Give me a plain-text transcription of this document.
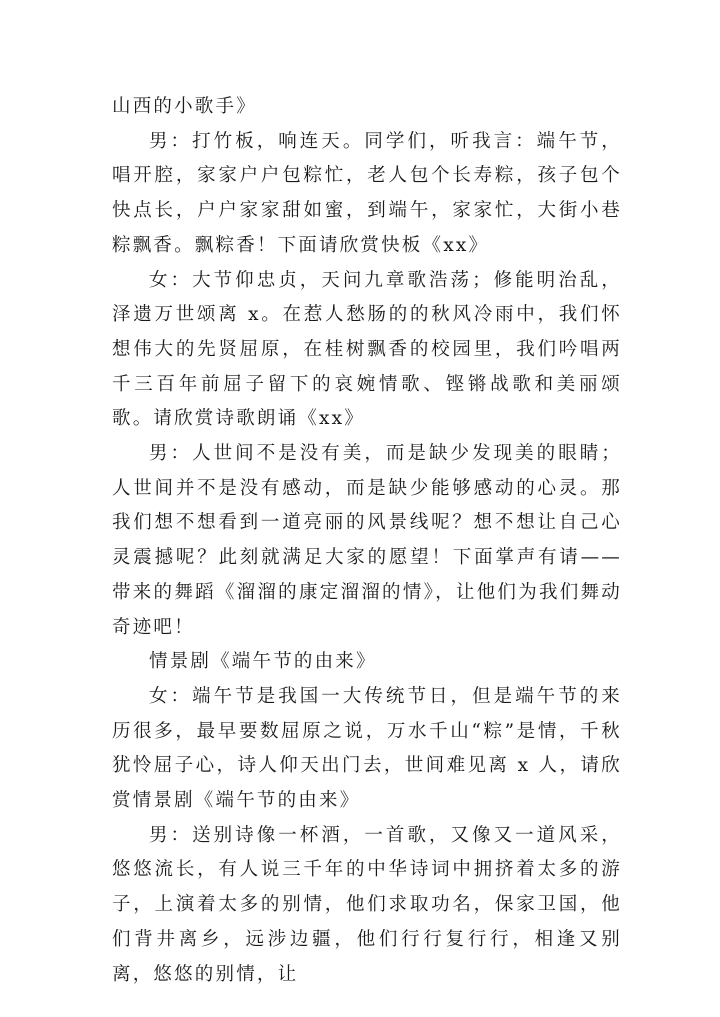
山西的小歌手》

男：打竹板，响连天。同学们，听我言：端午节，唱开腔，家家户户包粽忙，老人包个长寿粽，孩子包个快点长，户户家家甜如蜜，到端午，家家忙，大街小巷粽飘香。飘粽香！下面请欣赏快板《xx》

女：大节仰忠贞，天问九章歌浩荡；修能明治乱，泽遗万世颂离 x。在惹人愁肠的的秋风冷雨中，我们怀想伟大的先贤屈原，在桂树飘香的校园里，我们吟唱两千三百年前屈子留下的哀婉情歌、铿锵战歌和美丽颂歌。请欣赏诗歌朗诵《xx》

男：人世间不是没有美，而是缺少发现美的眼睛；人世间并不是没有感动，而是缺少能够感动的心灵。那我们想不想看到一道亮丽的风景线呢？想不想让自己心灵震撼呢？此刻就满足大家的愿望！下面掌声有请——带来的舞蹈《溜溜的康定溜溜的情》，让他们为我们舞动奇迹吧！

情景剧《端午节的由来》

女：端午节是我国一大传统节日，但是端午节的来历很多，最早要数屈原之说，万水千山“粽”是情，千秋犹怜屈子心，诗人仰天出门去，世间难见离 x 人，请欣赏情景剧《端午节的由来》

男：送别诗像一杯酒，一首歌，又像又一道风采，悠悠流长，有人说三千年的中华诗词中拥挤着太多的游子，上演着太多的别情，他们求取功名，保家卫国，他们背井离乡，远涉边疆，他们行行复行行，相逢又别离，悠悠的别情，让
